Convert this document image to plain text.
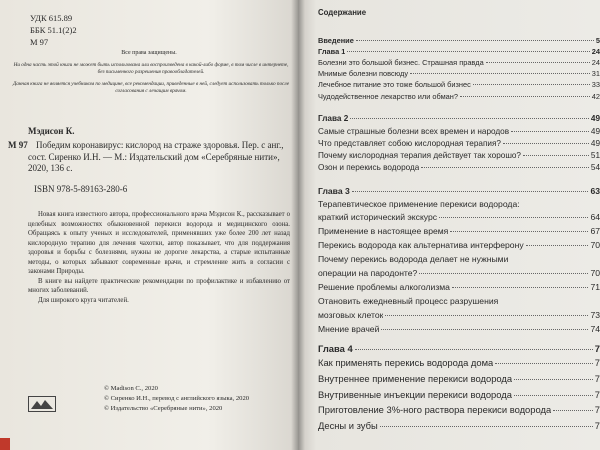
УДК 615.89
ББК 51.1(2)2
М 97
Все права защищены.

Ни одна часть этой книги не может быть использована или воспроизведена в какой-либо форме, в том числе в интернете, без письменного разрешения правообладателей.

Данная книга не является учебником по медицине, все рекомендации, приведенные в ней, следует использовать только после согласования с лечащим врачом.

Мэдисон К.
М 97 Победим коронавирус: кислород на страже здоровья. Пер. с анг., сост. Сиренко И.Н. — М.: Издательский дом «Серебряные нити», 2020, 136 с.
ISBN 978-5-89163-280-6

Новая книга известного автора, профессионального врача Мэдисон К., рассказывает о целебных возможностях обыкновенной перекиси водорода и медицинского озона. Обращаясь к опыту ученых и исследователей, применявших уже более 200 лет назад кислородную терапию для лечения чахотки, автор показывает, что для поддержания здоровья и борьбы с болезнями, нужны не дорогие лекарства, а старые испытанные методы, о которых забывают современные врачи, и стремление жить в согласии с законами Природы.

В книге вы найдете практические рекомендации по профилактике и избавлению от многих заболеваний.

Для широкого круга читателей.

© Madison C., 2020
© Сиренко И.Н., перевод с английского языка, 2020
© Издательство «Серебряные нити», 2020
Содержание
Введение	5
Глава 1	24
Болезни это большой бизнес. Страшная правда	24
Мнимые болезни повсюду	31
Лечебное питание это тоже большой бизнес	33
Чудодейственное лекарство или обман?	42
Глава 2	49
Самые страшные болезни всех времен и народов	49
Что представляет собою кислородная терапия?	49
Почему кислородная терапия действует так хорошо?	51
Озон и перекись водорода	54
Глава 3	63
Терапевтическое применение перекиси водорода:
краткий исторический экскурс	64
Применение в настоящее время	67
Перекись водорода как альтернатива интерферону	70
Почему перекись водорода делает не нужными
операции на пародонте?	70
Решение проблемы алкоголизма	71
Отановить ежедневный процесс разрушения
мозговых клеток	73
Мнение врачей	74
Глава 4	7
Как применять перекись водорода дома	7
Внутреннее применение перекиси водорода	7
Внутривенные инъекции перекиси водорода	7
Приготовление 3%-ного раствора перекиси водорода	7
Десны и зубы	7
